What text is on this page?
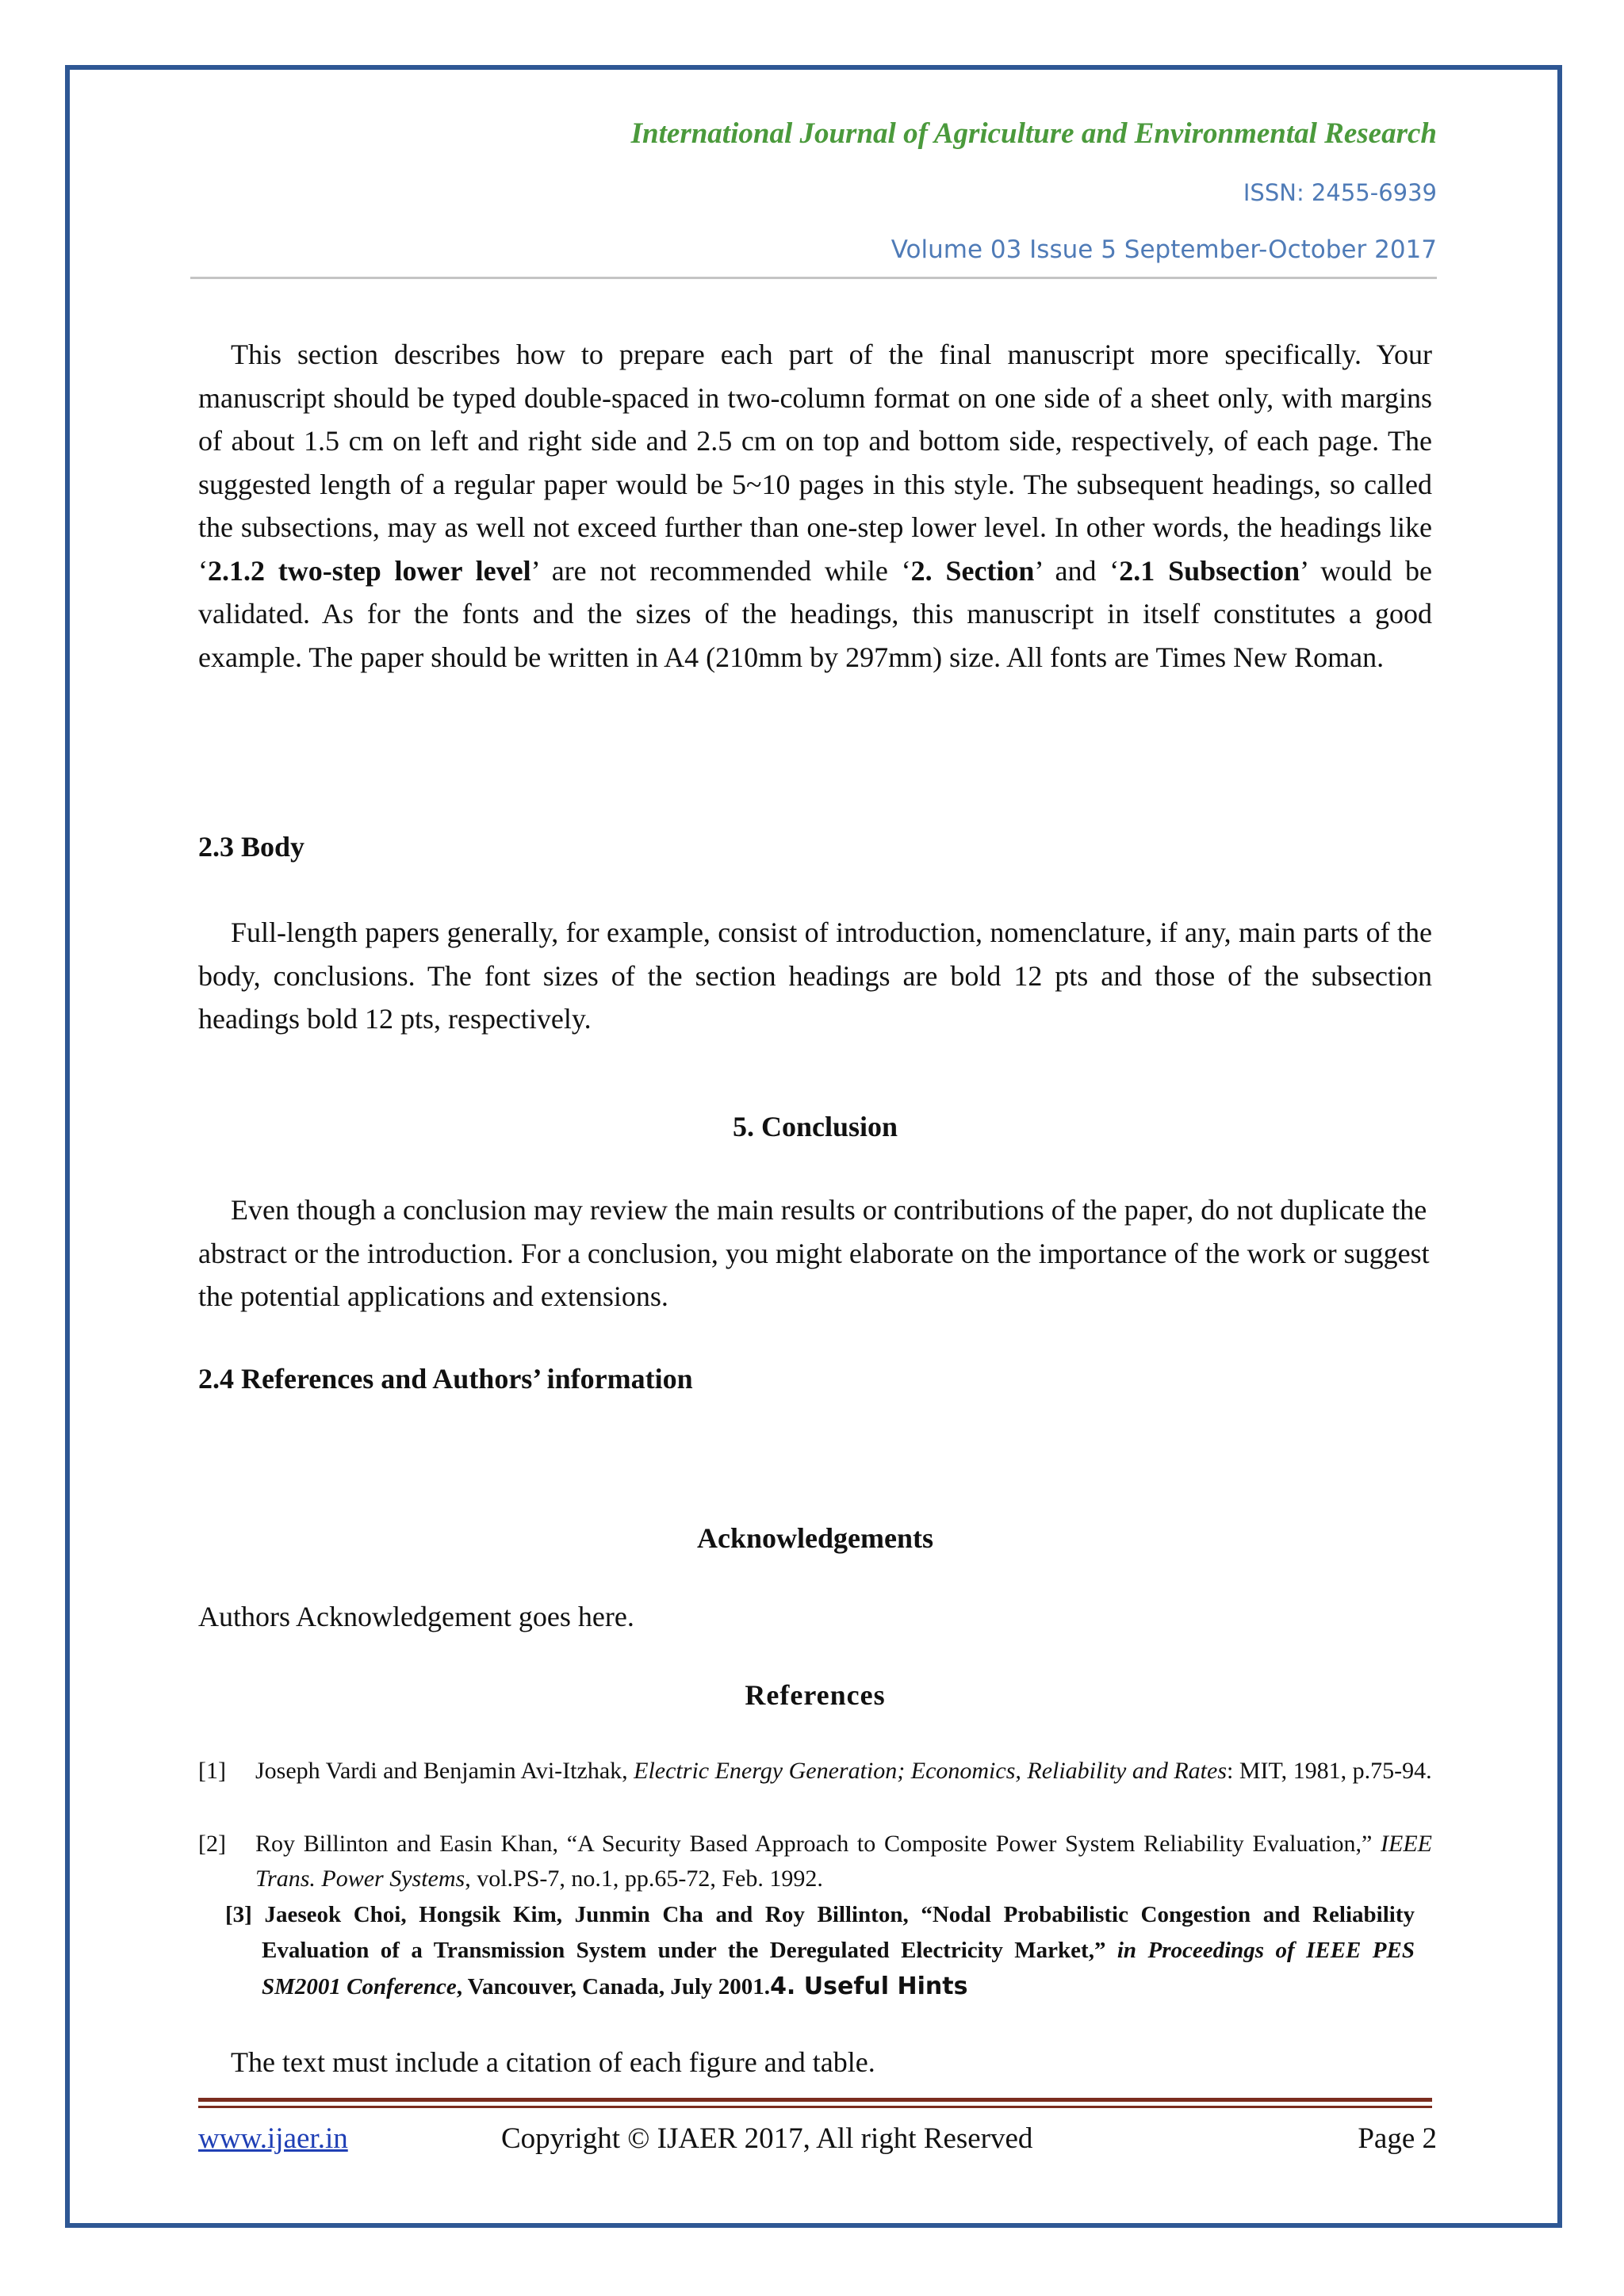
International Journal of Agriculture and Environmental Research
ISSN: 2455-6939
Volume 03 Issue 5 September-October 2017

This section describes how to prepare each part of the final manuscript more specifically. Your manuscript should be typed double-spaced in two-column format on one side of a sheet only, with margins of about 1.5 cm on left and right side and 2.5 cm on top and bottom side, respectively, of each page. The suggested length of a regular paper would be 5~10 pages in this style. The subsequent headings, so called the subsections, may as well not exceed further than one-step lower level. In other words, the headings like ‘2.1.2 two-step lower level’ are not recommended while ‘2. Section’ and ‘2.1 Subsection’ would be validated. As for the fonts and the sizes of the headings, this manuscript in itself constitutes a good example. The paper should be written in A4 (210mm by 297mm) size. All fonts are Times New Roman.

2.3 Body

Full-length papers generally, for example, consist of introduction, nomenclature, if any, main parts of the body, conclusions. The font sizes of the section headings are bold 12 pts and those of the subsection headings bold 12 pts, respectively.

5. Conclusion

Even though a conclusion may review the main results or contributions of the paper, do not duplicate the abstract or the introduction. For a conclusion, you might elaborate on the importance of the work or suggest the potential applications and extensions.

2.4 References and Authors’ information
Acknowledgements

Authors Acknowledgement goes here.

References

[1] Joseph Vardi and Benjamin Avi-Itzhak, Electric Energy Generation; Economics, Reliability and Rates: MIT, 1981, p.75-94.

[2] Roy Billinton and Easin Khan, “A Security Based Approach to Composite Power System Reliability Evaluation,” IEEE Trans. Power Systems, vol.PS-7, no.1, pp.65-72, Feb. 1992.

[3] Jaeseok Choi, Hongsik Kim, Junmin Cha and Roy Billinton, “Nodal Probabilistic Congestion and Reliability Evaluation of a Transmission System under the Deregulated Electricity Market,” in Proceedings of IEEE PES SM2001 Conference, Vancouver, Canada, July 2001.4. Useful Hints

The text must include a citation of each figure and table.

www.ijaer.in	Copyright © IJAER 2017, All right Reserved	Page 2
